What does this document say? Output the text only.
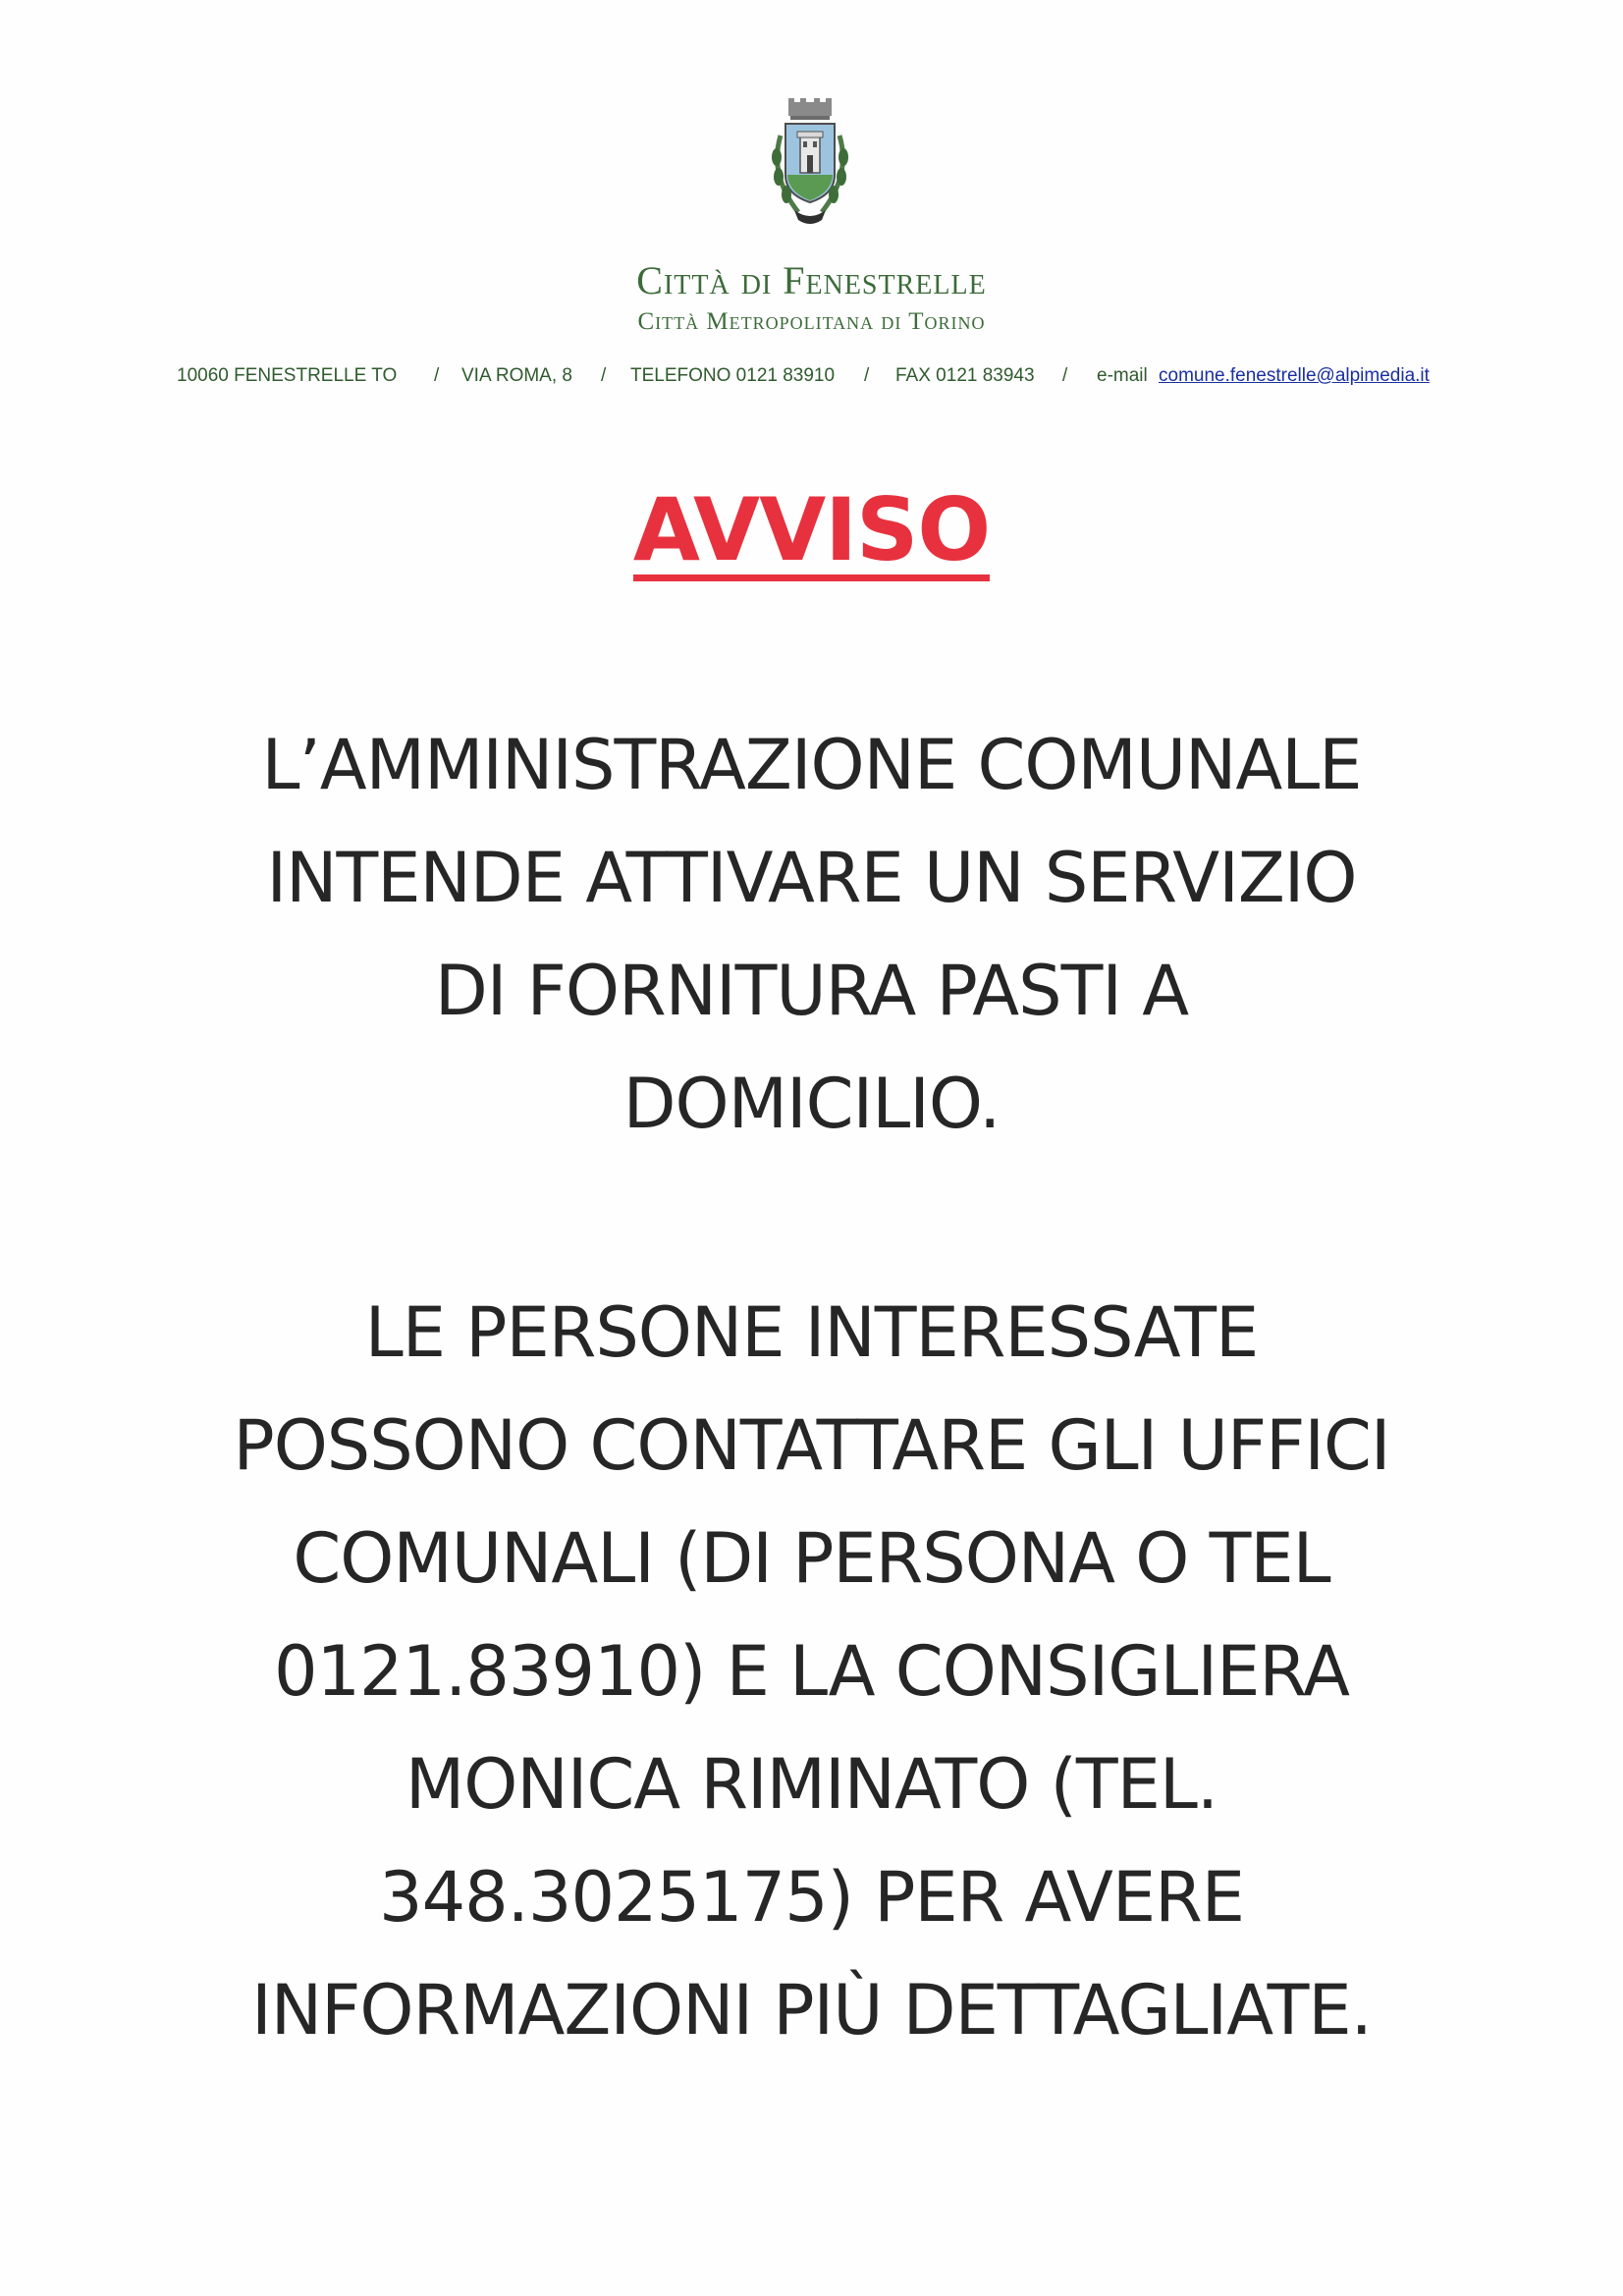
Città di Fenestrelle
Città Metropolitana di Torino
10060 FENESTRELLE TO / VIA ROMA, 8 / TELEFONO 0121 83910 / FAX 0121 83943 / e-mail comune.fenestrelle@alpimedia.it
AVVISO
L’AMMINISTRAZIONE COMUNALE
INTENDE ATTIVARE UN SERVIZIO
DI FORNITURA PASTI A
DOMICILIO.
LE PERSONE INTERESSATE
POSSONO CONTATTARE GLI UFFICI
COMUNALI (DI PERSONA O TEL
0121.83910) E LA CONSIGLIERA
MONICA RIMINATO (TEL.
348.3025175) PER AVERE
INFORMAZIONI PIÙ DETTAGLIATE.
